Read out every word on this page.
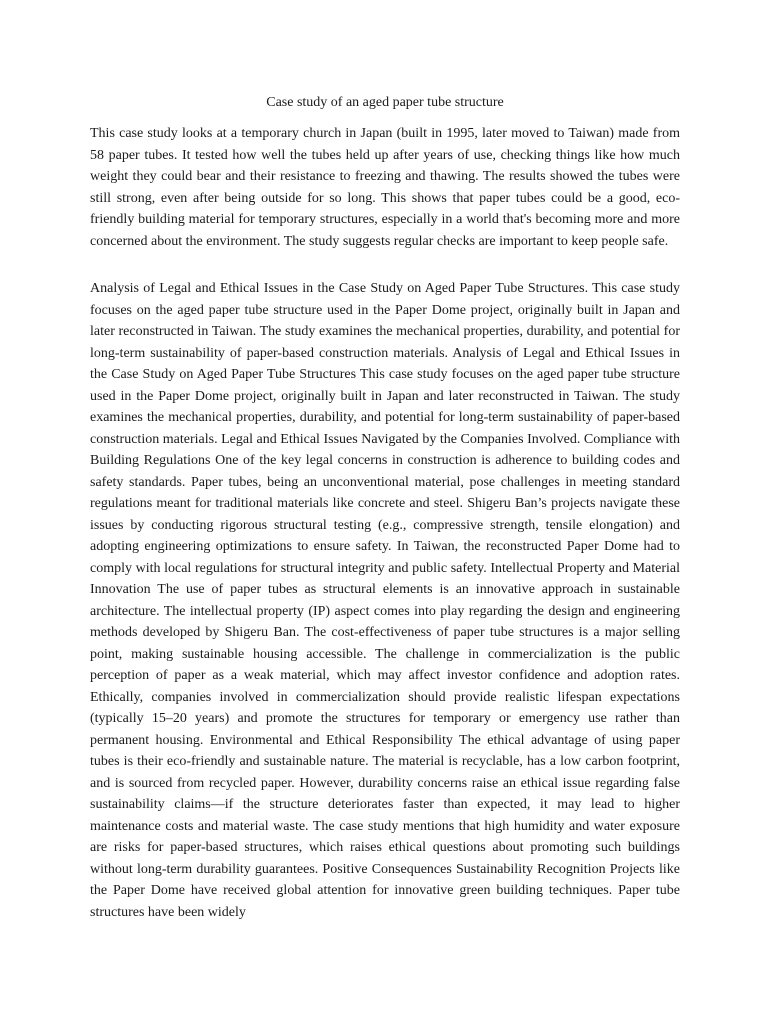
Case study of an aged paper tube structure

This case study looks at a temporary church in Japan (built in 1995, later moved to Taiwan) made from 58 paper tubes. It tested how well the tubes held up after years of use, checking things like how much weight they could bear and their resistance to freezing and thawing. The results showed the tubes were still strong, even after being outside for so long. This shows that paper tubes could be a good, eco-friendly building material for temporary structures, especially in a world that's becoming more and more concerned about the environment. The study suggests regular checks are important to keep people safe.

Analysis of Legal and Ethical Issues in the Case Study on Aged Paper Tube Structures. This case study focuses on the aged paper tube structure used in the Paper Dome project, originally built in Japan and later reconstructed in Taiwan. The study examines the mechanical properties, durability, and potential for long-term sustainability of paper-based construction materials. Analysis of Legal and Ethical Issues in the Case Study on Aged Paper Tube Structures This case study focuses on the aged paper tube structure used in the Paper Dome project, originally built in Japan and later reconstructed in Taiwan. The study examines the mechanical properties, durability, and potential for long-term sustainability of paper-based construction materials. Legal and Ethical Issues Navigated by the Companies Involved. Compliance with Building Regulations One of the key legal concerns in construction is adherence to building codes and safety standards. Paper tubes, being an unconventional material, pose challenges in meeting standard regulations meant for traditional materials like concrete and steel. Shigeru Ban’s projects navigate these issues by conducting rigorous structural testing (e.g., compressive strength, tensile elongation) and adopting engineering optimizations to ensure safety. In Taiwan, the reconstructed Paper Dome had to comply with local regulations for structural integrity and public safety. Intellectual Property and Material Innovation The use of paper tubes as structural elements is an innovative approach in sustainable architecture. The intellectual property (IP) aspect comes into play regarding the design and engineering methods developed by Shigeru Ban. The cost-effectiveness of paper tube structures is a major selling point, making sustainable housing accessible. The challenge in commercialization is the public perception of paper as a weak material, which may affect investor confidence and adoption rates. Ethically, companies involved in commercialization should provide realistic lifespan expectations (typically 15–20 years) and promote the structures for temporary or emergency use rather than permanent housing. Environmental and Ethical Responsibility The ethical advantage of using paper tubes is their eco-friendly and sustainable nature. The material is recyclable, has a low carbon footprint, and is sourced from recycled paper. However, durability concerns raise an ethical issue regarding false sustainability claims—if the structure deteriorates faster than expected, it may lead to higher maintenance costs and material waste. The case study mentions that high humidity and water exposure are risks for paper-based structures, which raises ethical questions about promoting such buildings without long-term durability guarantees. Positive Consequences Sustainability Recognition Projects like the Paper Dome have received global attention for innovative green building techniques. Paper tube structures have been widely
